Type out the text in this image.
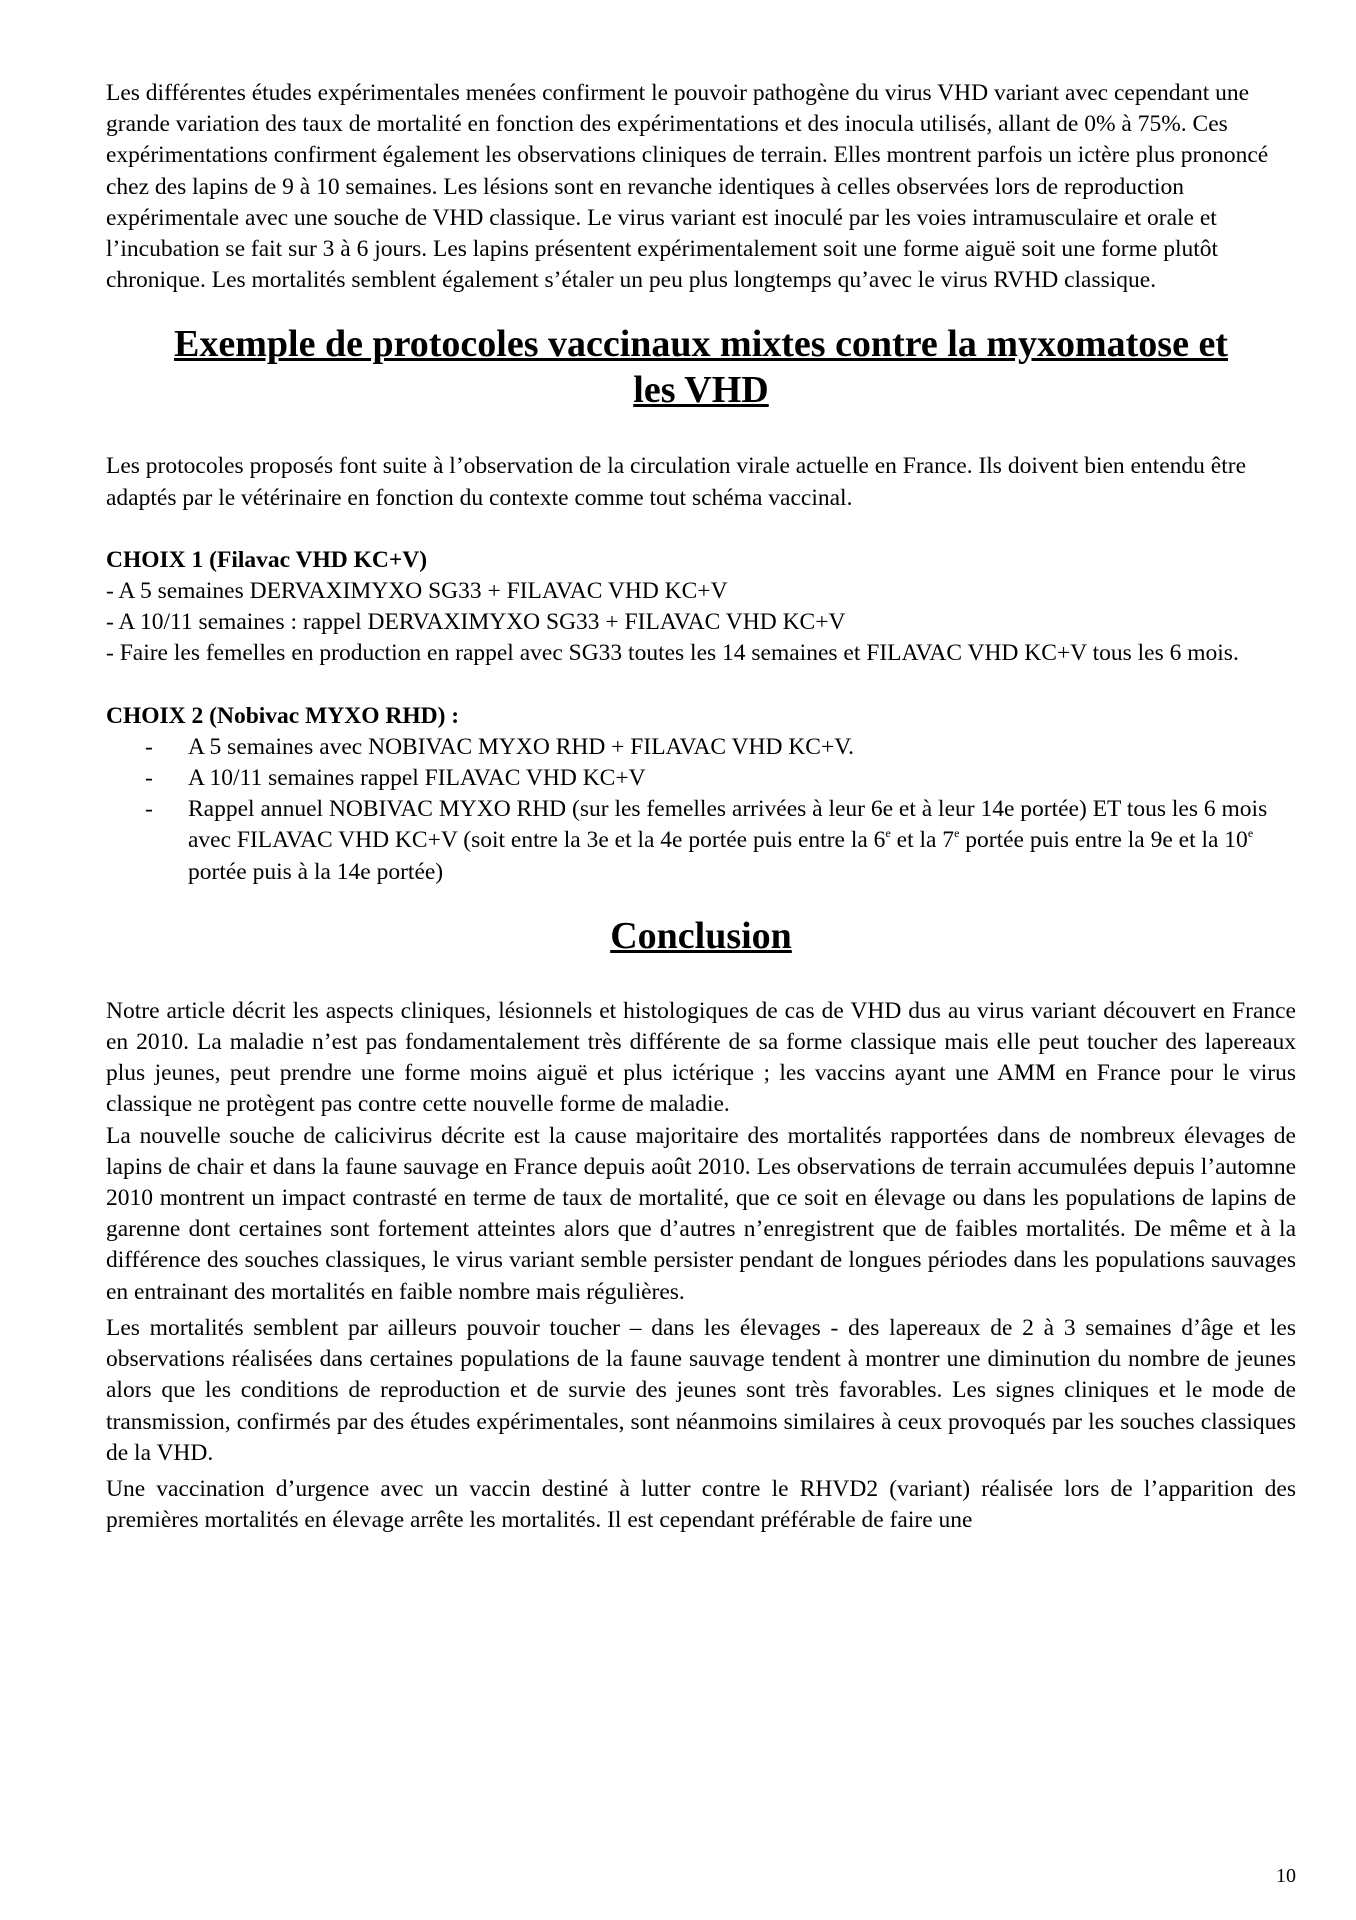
Les différentes études expérimentales menées confirment le pouvoir pathogène du virus VHD variant avec cependant une grande variation des taux de mortalité en fonction des expérimentations et des inocula utilisés, allant de 0% à 75%. Ces expérimentations confirment également les observations cliniques de terrain. Elles montrent parfois un ictère plus prononcé chez des lapins de 9 à 10 semaines. Les lésions sont en revanche identiques à celles observées lors de reproduction expérimentale avec une souche de VHD classique. Le virus variant est inoculé par les voies intramusculaire et orale et l’incubation se fait sur 3 à 6 jours. Les lapins présentent expérimentalement soit une forme aiguë soit une forme plutôt chronique. Les mortalités semblent également s’étaler un peu plus longtemps qu’avec le virus RVHD classique.

Exemple de protocoles vaccinaux mixtes contre la myxomatose et
les VHD

Les protocoles proposés font suite à l’observation de la circulation virale actuelle en France. Ils doivent bien entendu être adaptés par le vétérinaire en fonction du contexte comme tout schéma vaccinal.

CHOIX 1 (Filavac VHD KC+V)

- A 5 semaines DERVAXIMYXO SG33 + FILAVAC VHD KC+V

- A 10/11 semaines : rappel DERVAXIMYXO SG33 + FILAVAC VHD KC+V

- Faire les femelles en production en rappel avec SG33 toutes les 14 semaines et FILAVAC VHD KC+V tous les 6 mois.

CHOIX 2 (Nobivac MYXO RHD) :

- A 5 semaines avec NOBIVAC MYXO RHD + FILAVAC VHD KC+V.
- A 10/11 semaines rappel FILAVAC VHD KC+V
- Rappel annuel NOBIVAC MYXO RHD (sur les femelles arrivées à leur 6e et à leur 14e portée) ET tous les 6 mois avec FILAVAC VHD KC+V (soit entre la 3e et la 4e portée puis entre la 6e et la 7e portée puis entre la 9e et la 10e portée puis à la 14e portée)
Conclusion

Notre article décrit les aspects cliniques, lésionnels et histologiques de cas de VHD dus au virus variant découvert en France en 2010. La maladie n’est pas fondamentalement très différente de sa forme classique mais elle peut toucher des lapereaux plus jeunes, peut prendre une forme moins aiguë et plus ictérique ; les vaccins ayant une AMM en France pour le virus classique ne protègent pas contre cette nouvelle forme de maladie.

La nouvelle souche de calicivirus décrite est la cause majoritaire des mortalités rapportées dans de nombreux élevages de lapins de chair et dans la faune sauvage en France depuis août 2010. Les observations de terrain accumulées depuis l’automne 2010 montrent un impact contrasté en terme de taux de mortalité, que ce soit en élevage ou dans les populations de lapins de garenne dont certaines sont fortement atteintes alors que d’autres n’enregistrent que de faibles mortalités. De même et à la différence des souches classiques, le virus variant semble persister pendant de longues périodes dans les populations sauvages en entrainant des mortalités en faible nombre mais régulières.

Les mortalités semblent par ailleurs pouvoir toucher – dans les élevages - des lapereaux de 2 à 3 semaines d’âge et les observations réalisées dans certaines populations de la faune sauvage tendent à montrer une diminution du nombre de jeunes alors que les conditions de reproduction et de survie des jeunes sont très favorables. Les signes cliniques et le mode de transmission, confirmés par des études expérimentales, sont néanmoins similaires à ceux provoqués par les souches classiques de la VHD.

Une vaccination d’urgence avec un vaccin destiné à lutter contre le RHVD2 (variant) réalisée lors de l’apparition des premières mortalités en élevage arrête les mortalités. Il est cependant préférable de faire une

10
